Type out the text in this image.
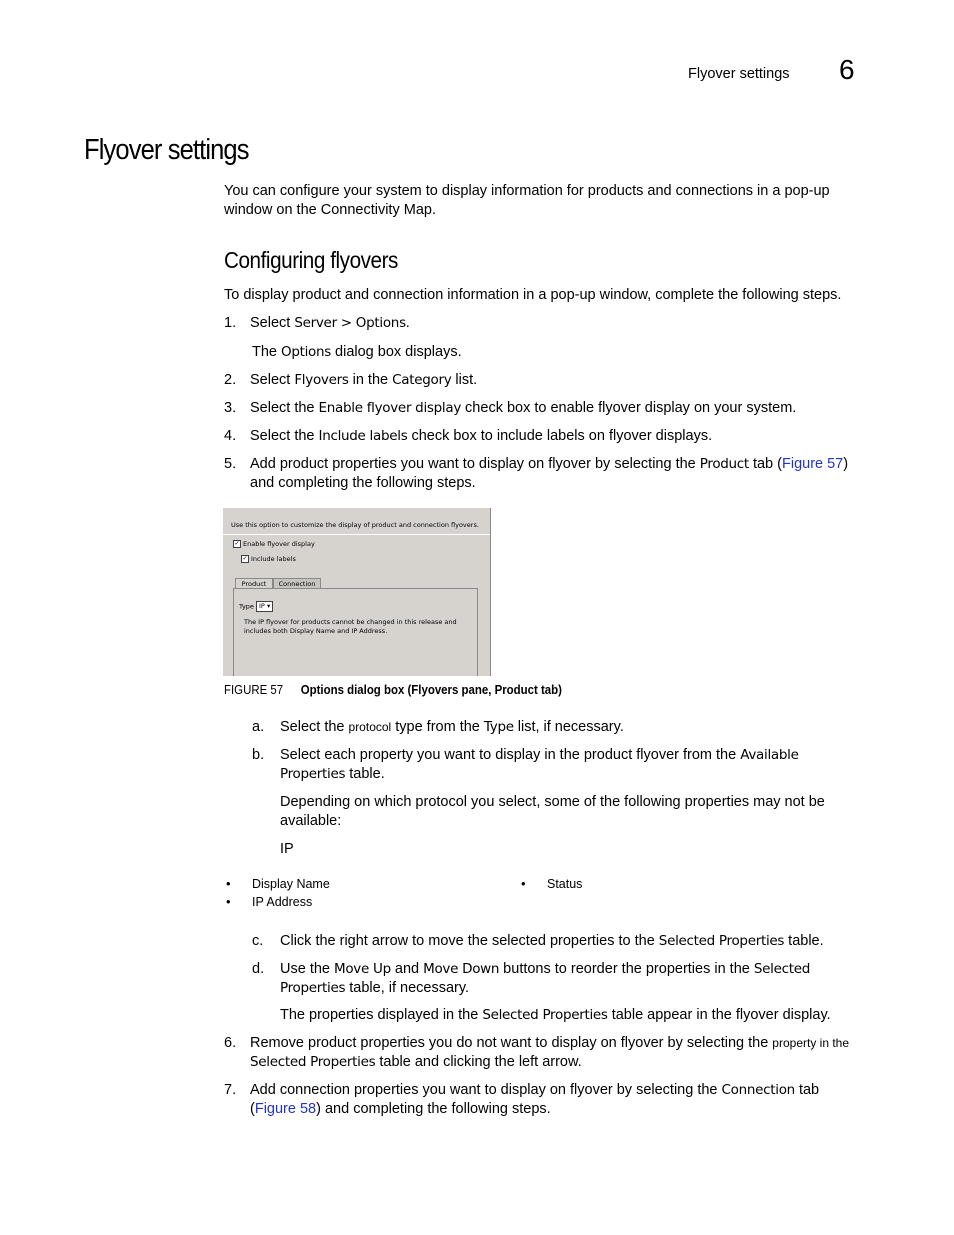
Flyover settings 6
Flyover settings
You can configure your system to display information for products and connections in a pop-up window on the Connectivity Map.
Configuring flyovers
To display product and connection information in a pop-up window, complete the following steps.
1. Select Server > Options.
The Options dialog box displays.
2. Select Flyovers in the Category list.
3. Select the Enable flyover display check box to enable flyover display on your system.
4. Select the Include labels check box to include labels on flyover displays.
5. Add product properties you want to display on flyover by selecting the Product tab (Figure 57) and completing the following steps.
Use this option to customize the display of product and connection flyovers.
✓ Enable flyover display
✓ Include labels
Product	Connection
Type IP ▾
The IP flyover for products cannot be changed in this release and includes both Display Name and IP Address.
FIGURE 57 Options dialog box (Flyovers pane, Product tab)
a.	Select the protocol type from the Type list, if necessary.
b.	Select each property you want to display in the product flyover from the Available Properties table.
Depending on which protocol you select, some of the following properties may not be available:
IP
• Display Name
• IP Address
• Status
c.	Click the right arrow to move the selected properties to the Selected Properties table.
d.	Use the Move Up and Move Down buttons to reorder the properties in the Selected Properties table, if necessary.
The properties displayed in the Selected Properties table appear in the flyover display.
6. Remove product properties you do not want to display on flyover by selecting the property in the Selected Properties table and clicking the left arrow.
7. Add connection properties you want to display on flyover by selecting the Connection tab (Figure 58) and completing the following steps.
